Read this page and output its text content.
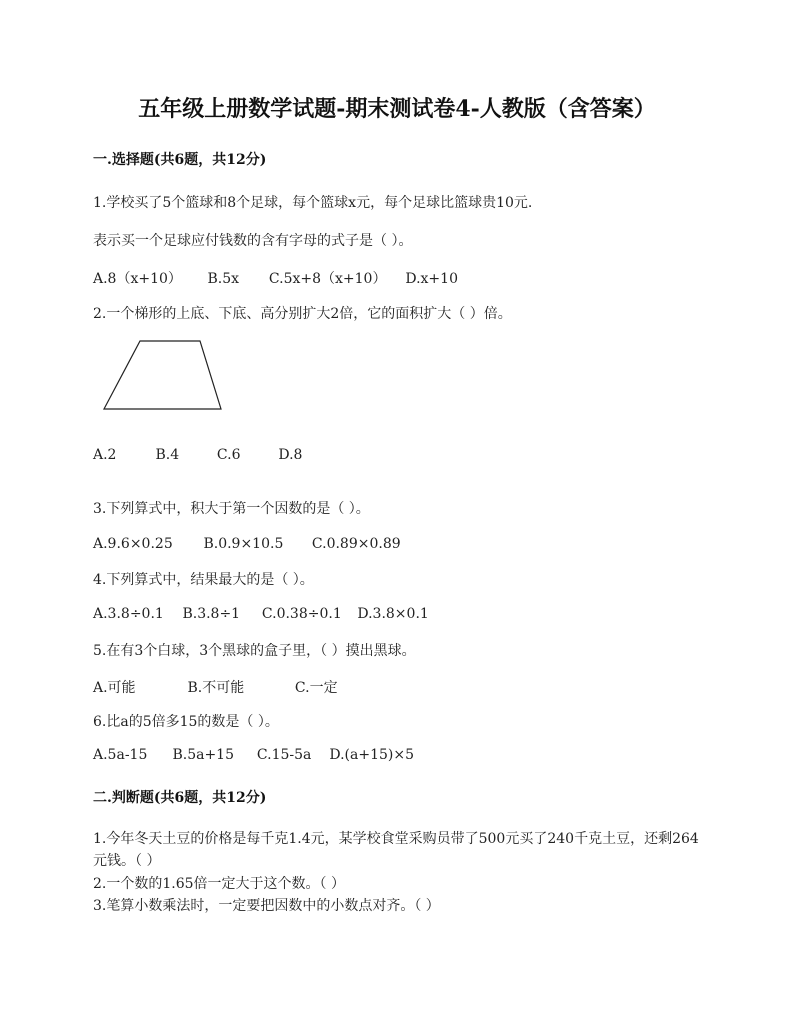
五年级上册数学试题-期末测试卷4-人教版（含答案）
一.选择题(共6题，共12分)
1.学校买了5个篮球和8个足球，每个篮球x元，每个足球比篮球贵10元.
表示买一个足球应付钱数的含有字母的式子是（ ）。
A.8（x+10） B.5x C.5x+8（x+10） D.x+10
2.一个梯形的上底、下底、高分别扩大2倍，它的面积扩大（ ）倍。
A.2	B.4	C.6	D.8
3.下列算式中，积大于第一个因数的是（ ）。
A.9.6×0.25 B.0.9×10.5 C.0.89×0.89
4.下列算式中，结果最大的是（ ）。
A.3.8÷0.1 B.3.8÷1 C.0.38÷0.1 D.3.8×0.1
5.在有3个白球，3个黑球的盒子里，（ ）摸出黑球。
A.可能	B.不可能	C.一定
6.比a的5倍多15的数是（ ）。
A.5a-15 B.5a+15 C.15-5a D.(a+15)×5
二.判断题(共6题，共12分)
1.今年冬天土豆的价格是每千克1.4元，某学校食堂采购员带了500元买了240千克土豆，还剩264元钱。（ ）
2.一个数的1.65倍一定大于这个数。（ ）
3.笔算小数乘法时，一定要把因数中的小数点对齐。（ ）
